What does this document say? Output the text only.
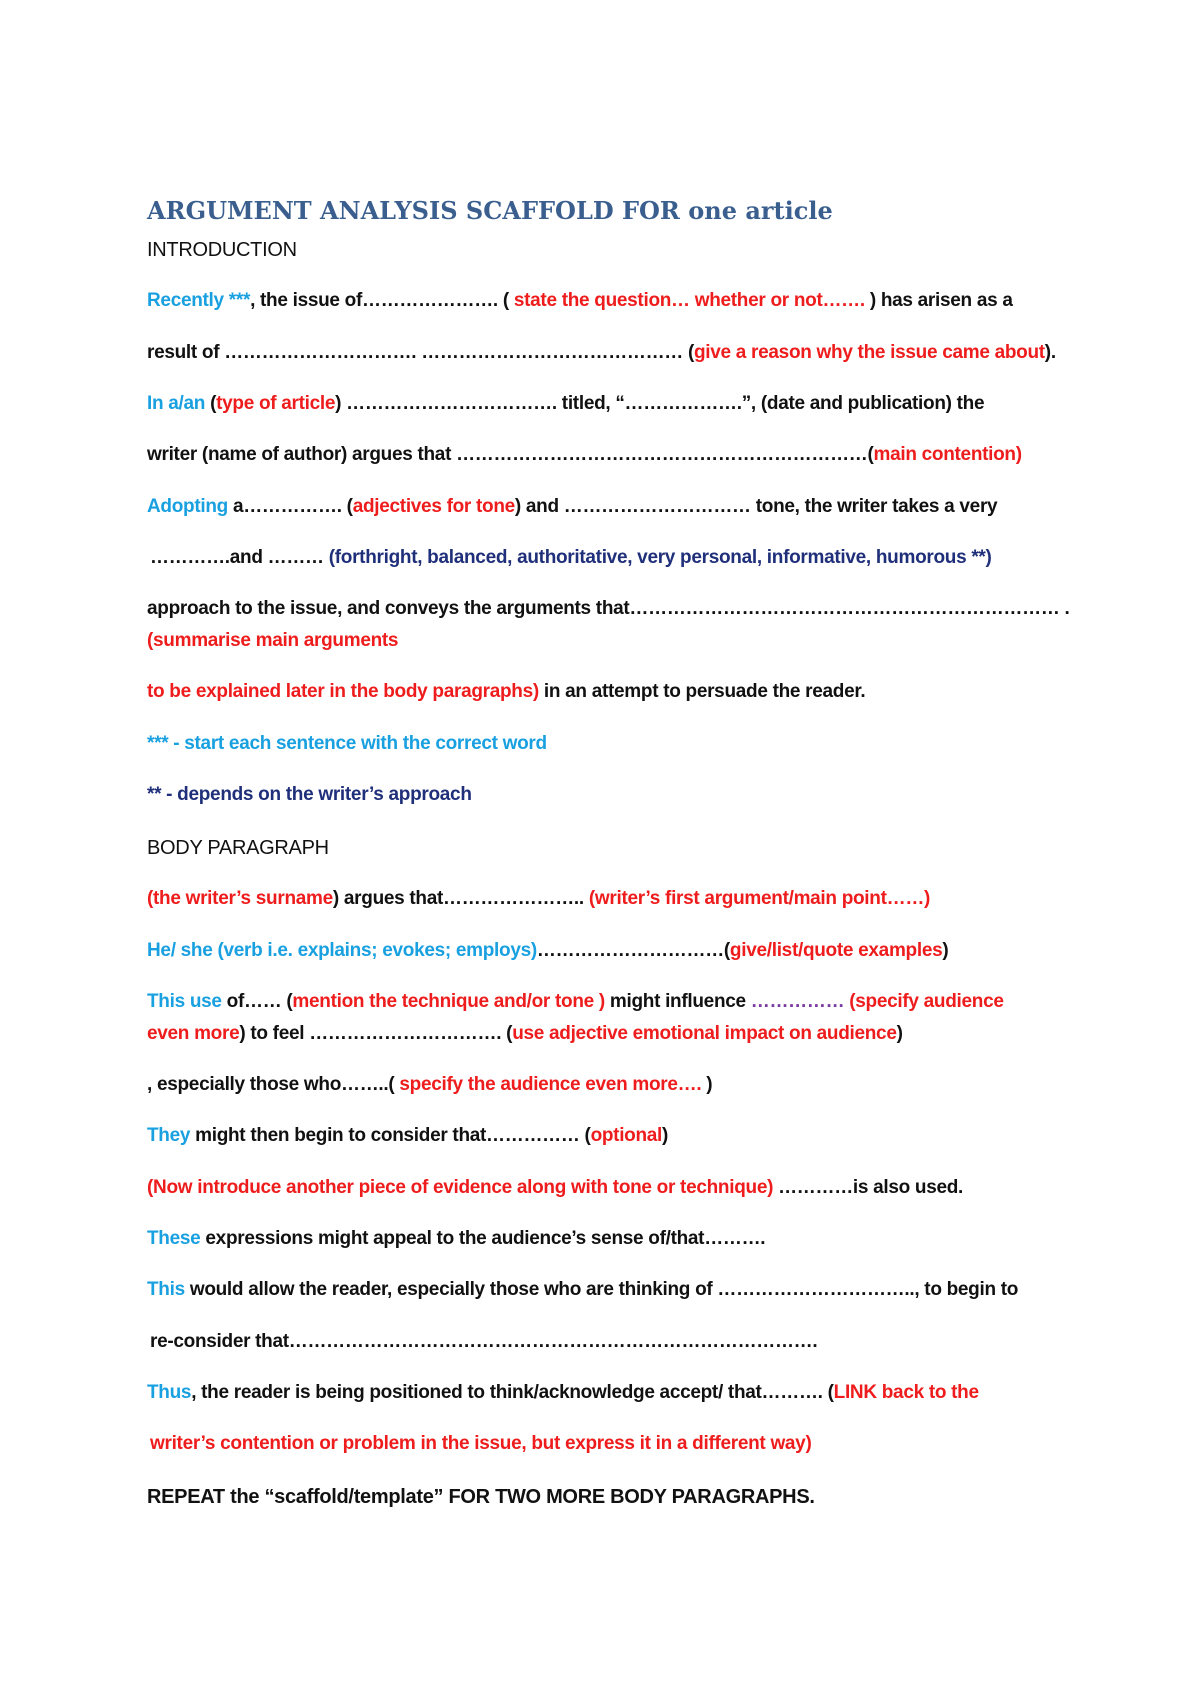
ARGUMENT ANALYSIS SCAFFOLD FOR one article

INTRODUCTION

Recently ***, the issue of…………………. ( state the question… whether or not……. ) has arisen as a

result of …………………………. …………………………………… (give a reason why the issue came about).

In a/an (type of article) ……………………………. titled, “……………….”, (date and publication) the

writer (name of author) argues that …………………………………………………………(main contention)

Adopting a……………. (adjectives for tone) and ………………………… tone, the writer takes a very

………….and ……… (forthright, balanced, authoritative, very personal, informative, humorous **)

approach to the issue, and conveys the arguments that…………………………………………………………… .

(summarise main arguments

to be explained later in the body paragraphs) in an attempt to persuade the reader.

*** - start each sentence with the correct word

** - depends on the writer’s approach

BODY PARAGRAPH

(the writer’s surname) argues that………………….. (writer’s first argument/main point……)

He/ she (verb i.e. explains; evokes; employs)…………………………(give/list/quote examples)

This use of…… (mention the technique and/or tone ) might influence …………… (specify audience

even more) to feel …………………………. (use adjective emotional impact on audience)

, especially those who……..( specify the audience even more…. )

They might then begin to consider that…………… (optional)

(Now introduce another piece of evidence along with tone or technique) …………is also used.

These expressions might appeal to the audience’s sense of/that……….

This would allow the reader, especially those who are thinking of ………………………….., to begin to

re-consider that………………………………………………………………………….

Thus, the reader is being positioned to think/acknowledge accept/ that………. (LINK back to the

writer’s contention or problem in the issue, but express it in a different way)

REPEAT the “scaffold/template” FOR TWO MORE BODY PARAGRAPHS.
